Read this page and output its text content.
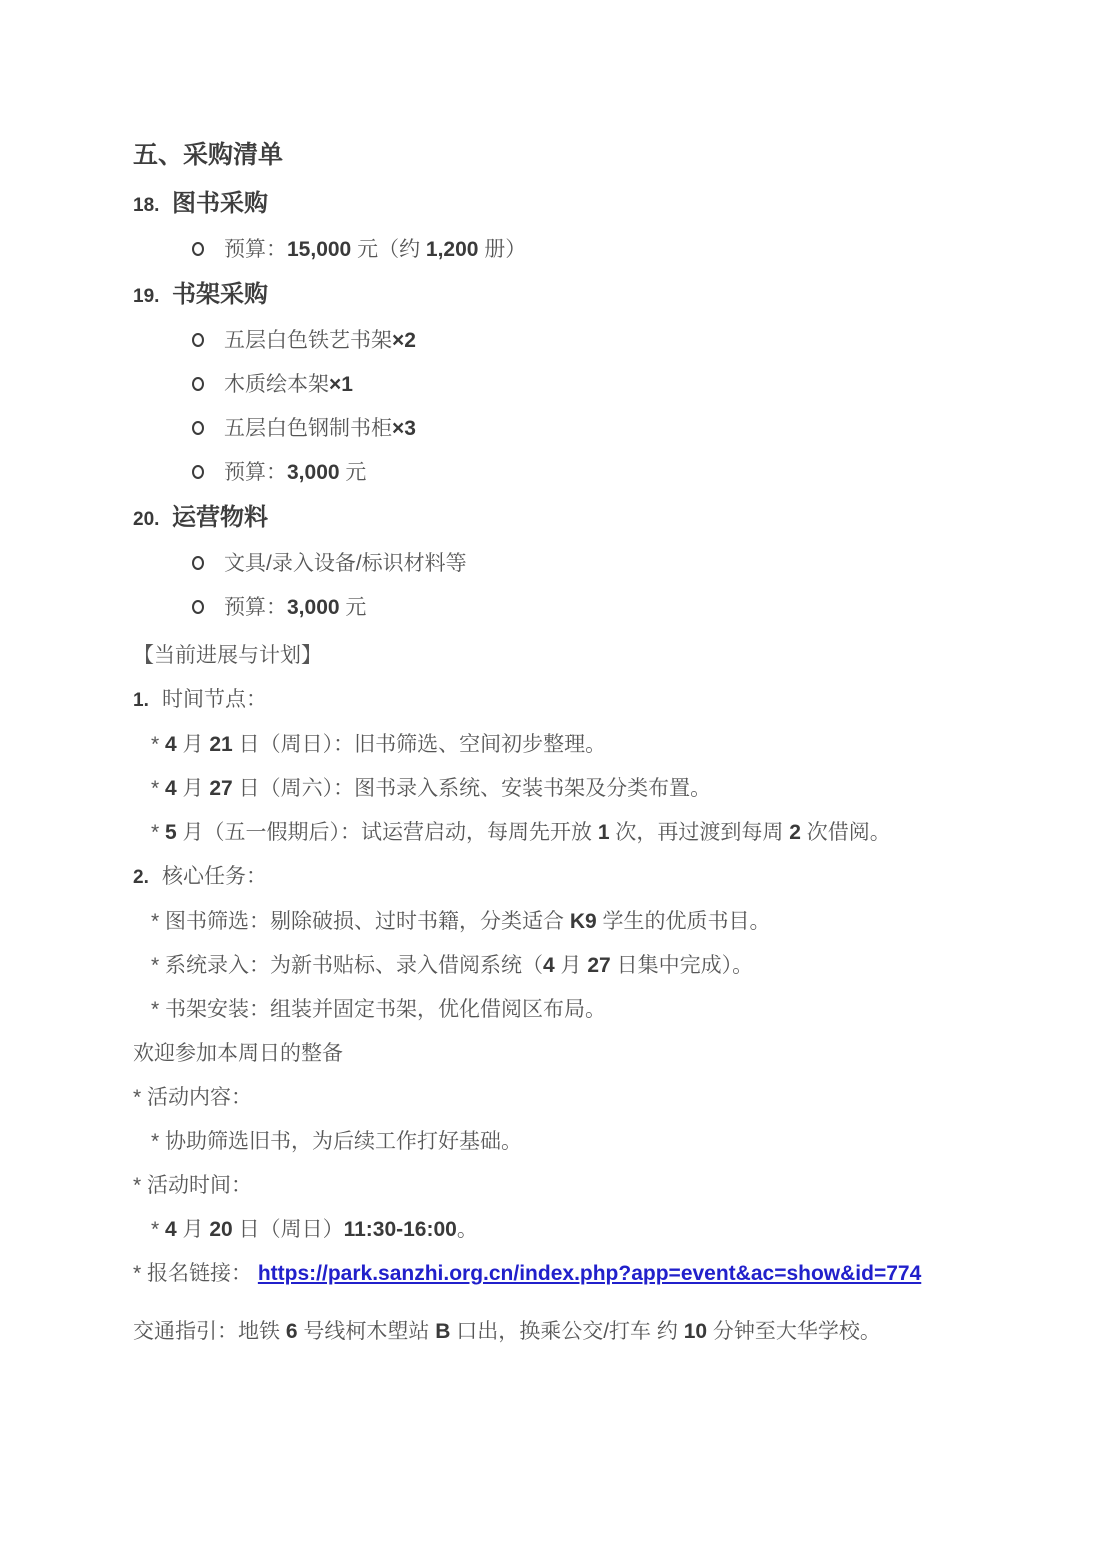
五、采购清单
18. 图书采购
预算：15,000 元（约 1,200 册）
19. 书架采购
五层白色铁艺书架×2
木质绘本架×1
五层白色钢制书柜×3
预算：3,000 元
20. 运营物料
文具/录入设备/标识材料等
预算：3,000 元
【当前进展与计划】
1. 时间节点：
* 4 月 21 日（周日）：旧书筛选、空间初步整理。
* 4 月 27 日（周六）：图书录入系统、安装书架及分类布置。
* 5 月（五一假期后）：试运营启动，每周先开放 1 次，再过渡到每周 2 次借阅。
2. 核心任务：
* 图书筛选：剔除破损、过时书籍，分类适合 K9 学生的优质书目。
* 系统录入：为新书贴标、录入借阅系统（4 月 27 日集中完成）。
* 书架安装：组装并固定书架，优化借阅区布局。
欢迎参加本周日的整备
* 活动内容：
* 协助筛选旧书，为后续工作打好基础。
* 活动时间：
* 4 月 20 日（周日）11:30-16:00。
* 报名链接： https://park.sanzhi.org.cn/index.php?app=event&ac=show&id=774
交通指引：地铁 6 号线柯木塱站 B 口出，换乘公交/打车 约 10 分钟至大华学校。
